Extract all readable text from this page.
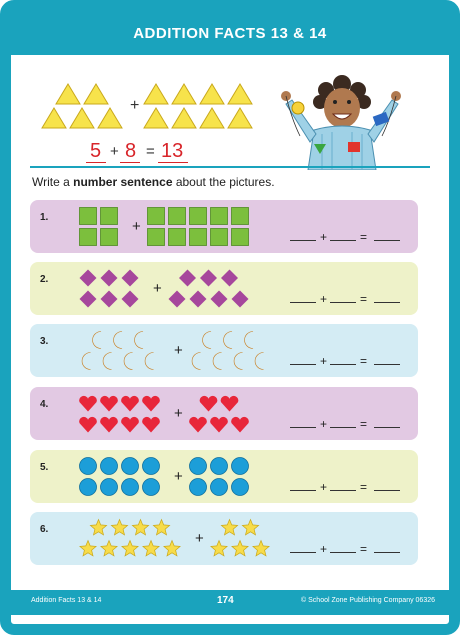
ADDITION FACTS 13 & 14
+
5 + 8 = 13
Write a number sentence about the pictures.
1.
+
+	=
2.
+
+	=
3.
+
+	=
4.
+
+	=
5.
+
+	=
6.
+
+	=
Addition Facts 13 & 14	174	© School Zone Publishing Company 06326
